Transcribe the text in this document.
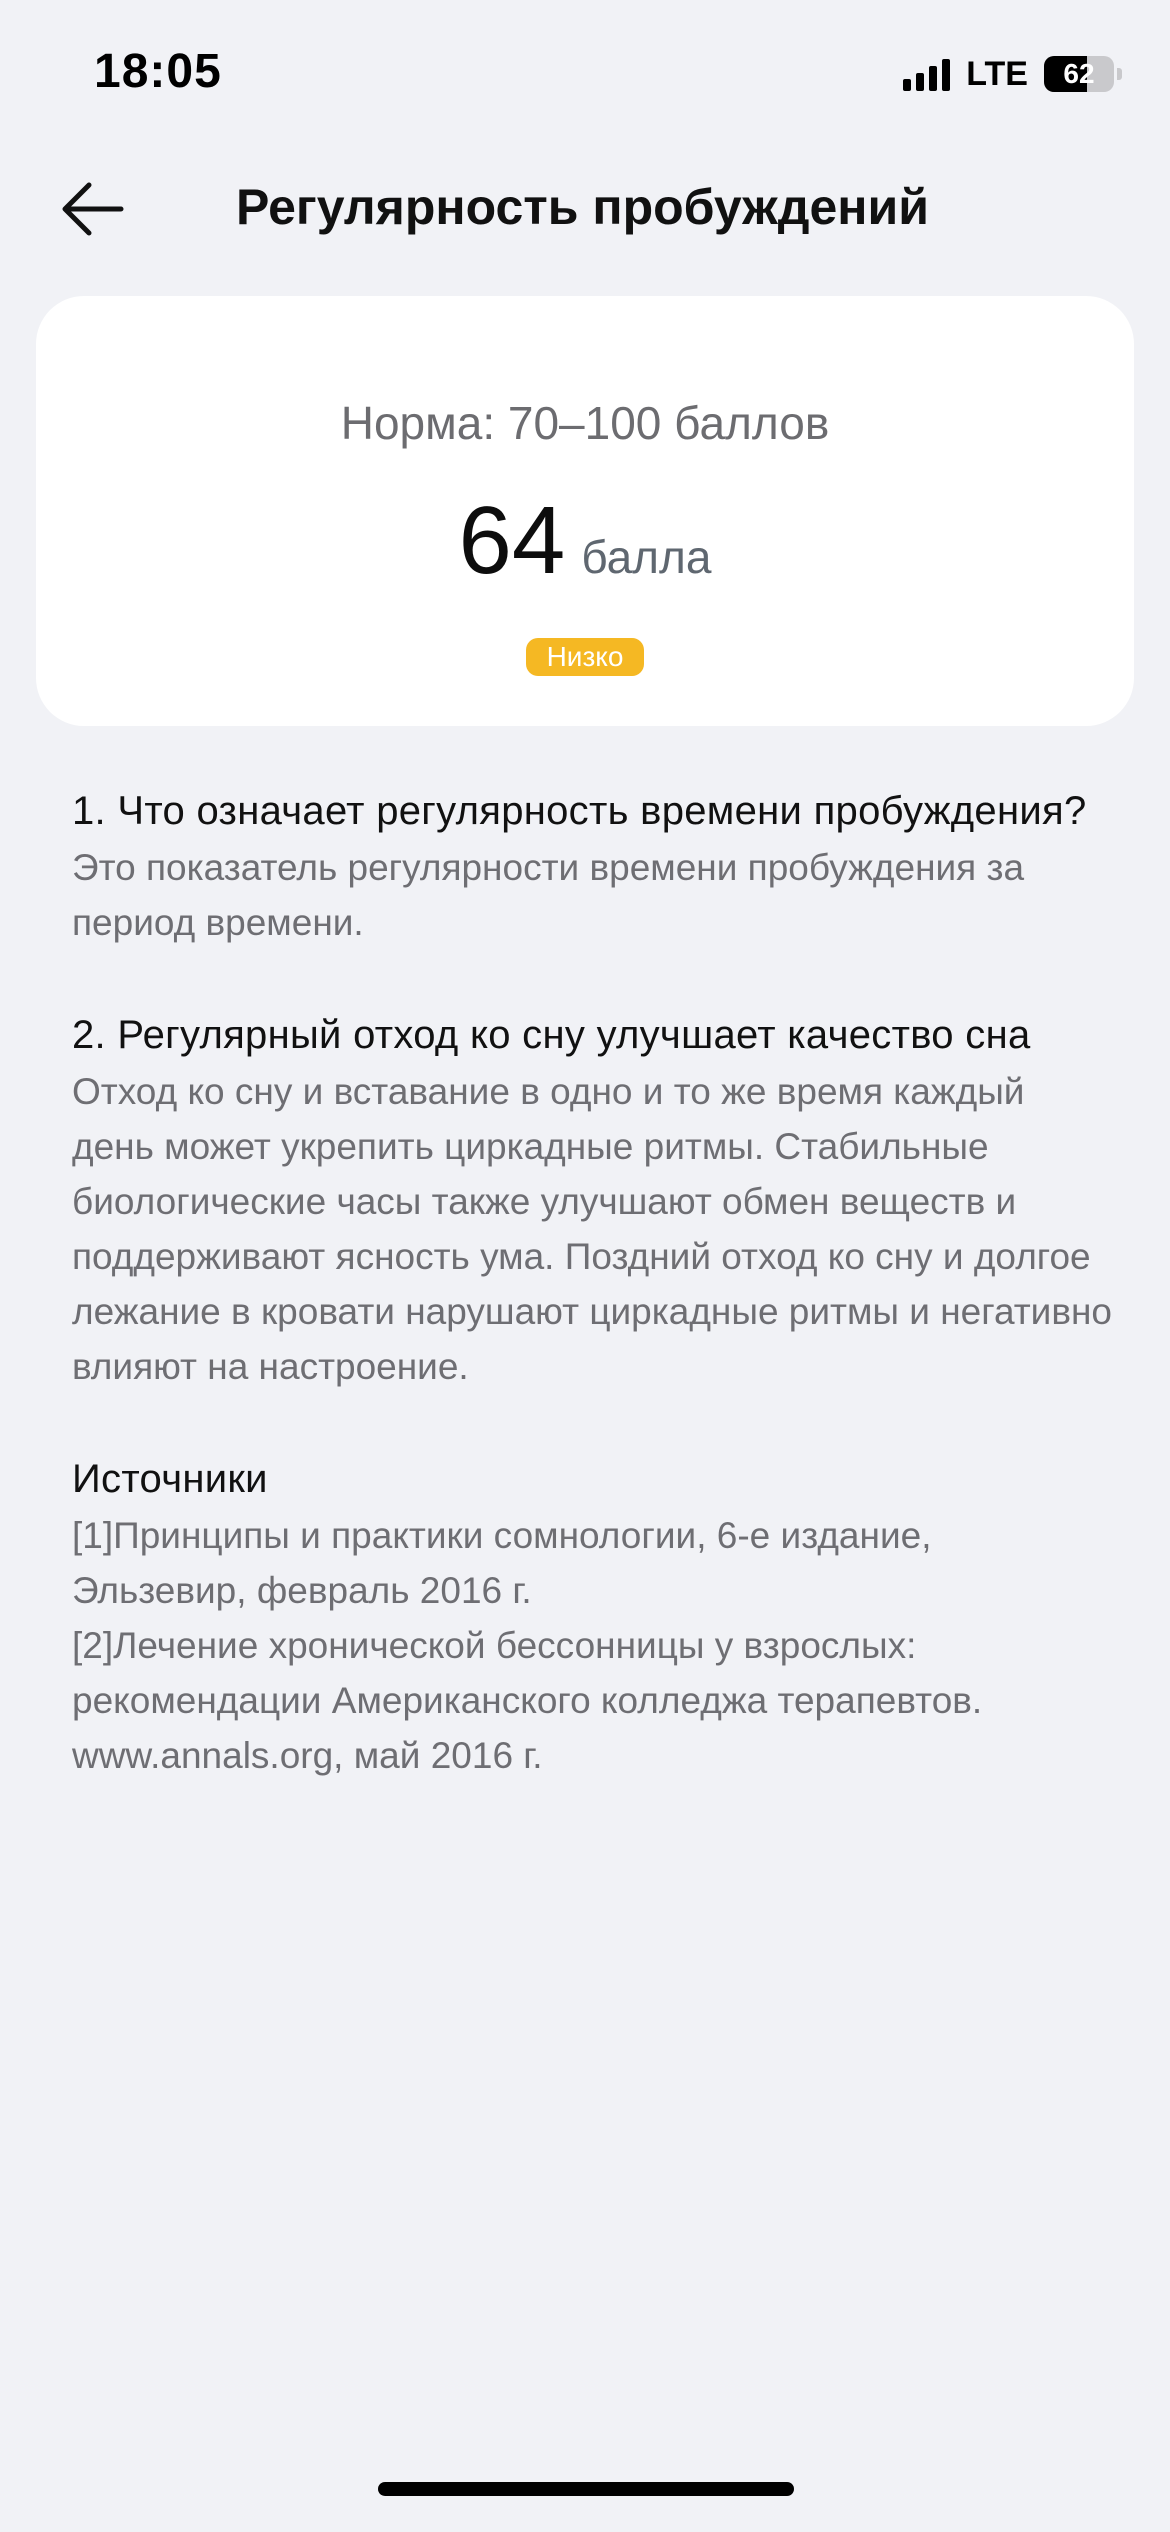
18:05	LTE	62
Регулярность пробуждений
Норма: 70–100 баллов
64 балла
Низко
1. Что означает регулярность времени пробуждения?
Это показатель регулярности времени пробуждения за период времени.
2. Регулярный отход ко сну улучшает качество сна
Отход ко сну и вставание в одно и то же время каждый день может укрепить циркадные ритмы. Стабильные биологические часы также улучшают обмен веществ и поддерживают ясность ума. Поздний отход ко сну и долгое лежание в кровати нарушают циркадные ритмы и негативно влияют на настроение.
Источники
[1]Принципы и практики сомнологии, 6-е издание, Эльзевир, февраль 2016 г.
[2]Лечение хронической бессонницы у взрослых: рекомендации Американского колледжа терапевтов. www.annals.org, май 2016 г.
